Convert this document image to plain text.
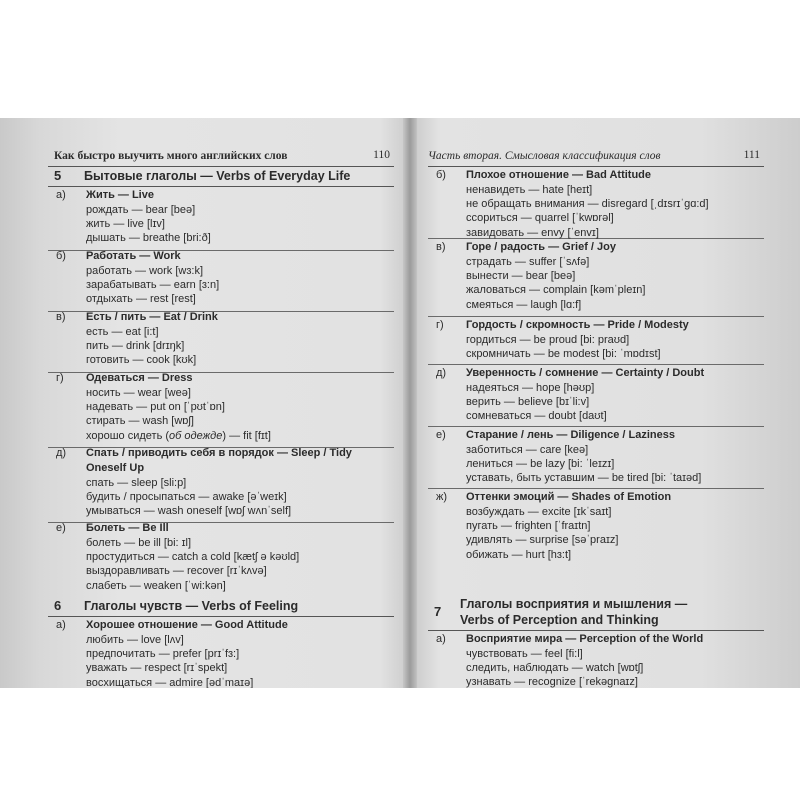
Как быстро выучить много английских слов	110
5 Бытовые глаголы — Verbs of Everyday Life
а) Жить — Live
рождать — bear [beə]
жить — live [lɪv]
дышать — breathe [bri:ð]
б) Работать — Work
работать — work [wɜ:k]
зарабатывать — earn [ɜ:n]
отдыхать — rest [rest]
в) Есть / пить — Eat / Drink
есть — eat [i:t]
пить — drink [drɪŋk]
готовить — cook [kʊk]
г) Одеваться — Dress
носить — wear [weə]
надевать — put on [ˈpʊtˈɒn]
стирать — wash [wɒʃ]
хорошо сидеть (об одежде) — fit [fɪt]
д) Спать / приводить себя в порядок — Sleep / Tidy Oneself Up
спать — sleep [sli:p]
будить / просыпаться — awake [əˈweɪk]
умываться — wash oneself [wɒʃ wʌnˈself]
е) Болеть — Be Ill
болеть — be ill [bi: ɪl]
простудиться — catch a cold [kætʃ ə kəʊld]
выздоравливать — recover [rɪˈkʌvə]
слабеть — weaken [ˈwi:kən]
6 Глаголы чувств — Verbs of Feeling
а) Хорошее отношение — Good Attitude
любить — love [lʌv]
предпочитать — prefer [prɪˈfɜ:]
уважать — respect [rɪˈspekt]
восхищаться — admire [ədˈmaɪə]
Часть вторая. Смысловая классификация слов	111
б) Плохое отношение — Bad Attitude
ненавидеть — hate [heɪt]
не обращать внимания — disregard [ˌdɪsrɪˈgɑ:d]
ссориться — quarrel [ˈkwɒrəl]
завидовать — envy [ˈenvɪ]
в) Горе / радость — Grief / Joy
страдать — suffer [ˈsʌfə]
вынести — bear [beə]
жаловаться — complain [kəmˈpleɪn]
смеяться — laugh [lɑ:f]
г) Гордость / скромность — Pride / Modesty
гордиться — be proud [bi: praʊd]
скромничать — be modest [bi: ˈmɒdɪst]
д) Уверенность / сомнение — Certainty / Doubt
надеяться — hope [həʊp]
верить — believe [bɪˈli:v]
сомневаться — doubt [daʊt]
е) Старание / лень — Diligence / Laziness
заботиться — care [keə]
лениться — be lazy [bi: ˈleɪzɪ]
уставать, быть уставшим — be tired [bi: ˈtaɪəd]
ж) Оттенки эмоций — Shades of Emotion
возбуждать — excite [ɪkˈsaɪt]
пугать — frighten [ˈfraɪtn]
удивлять — surprise [səˈpraɪz]
обижать — hurt [hɜ:t]
7 Глаголы восприятия и мышления —
Verbs of Perception and Thinking
а) Восприятие мира — Perception of the World
чувствовать — feel [fi:l]
следить, наблюдать — watch [wɒtʃ]
узнавать — recognize [ˈrekəgnaɪz]
